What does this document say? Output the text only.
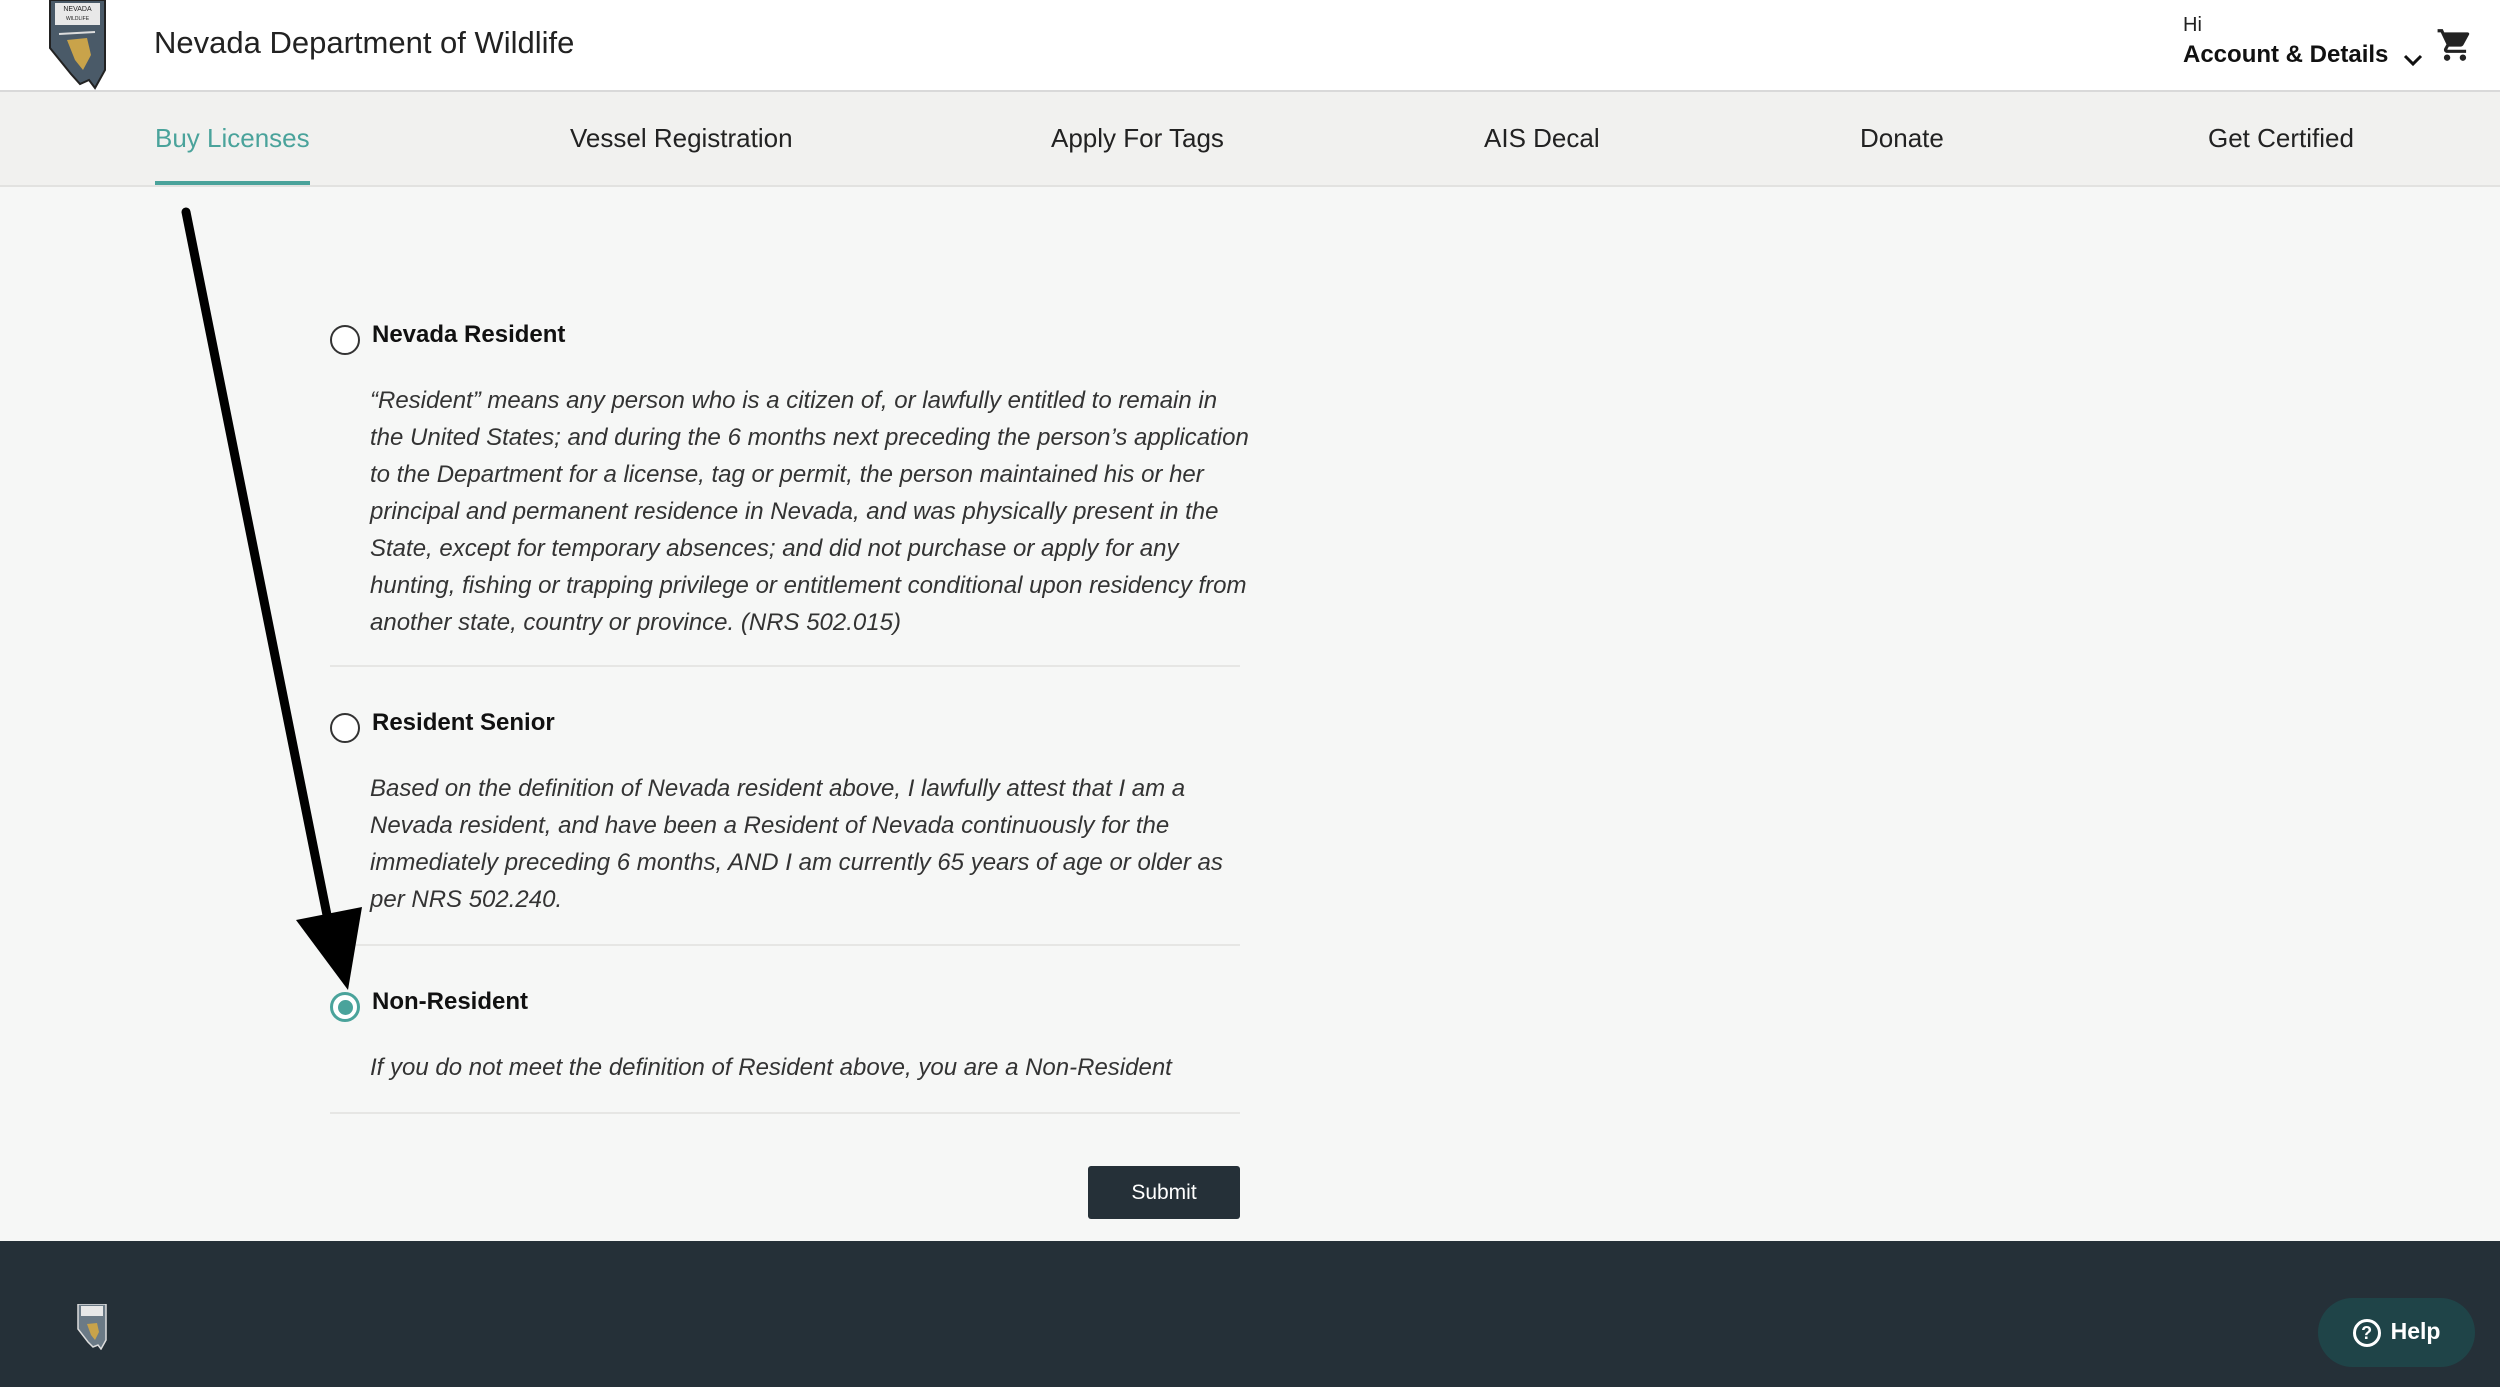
NEVADA
WILDLIFE
Nevada Department of Wildlife	Hi
Account & Details
Buy Licenses	Vessel Registration	Apply For Tags	AIS Decal	Donate	Get Certified
Nevada Resident
“Resident” means any person who is a citizen of, or lawfully entitled to remain in the United States; and during the 6 months next preceding the person’s application to the Department for a license, tag or permit, the person maintained his or her principal and permanent residence in Nevada, and was physically present in the State, except for temporary absences; and did not purchase or apply for any hunting, fishing or trapping privilege or entitlement conditional upon residency from another state, country or province. (NRS 502.015)
Resident Senior
Based on the definition of Nevada resident above, I lawfully attest that I am a Nevada resident, and have been a Resident of Nevada continuously for the immediately preceding 6 months, AND I am currently 65 years of age or older as per NRS 502.240.
Non-Resident
If you do not meet the definition of Resident above, you are a Non-Resident
Submit
? Help
